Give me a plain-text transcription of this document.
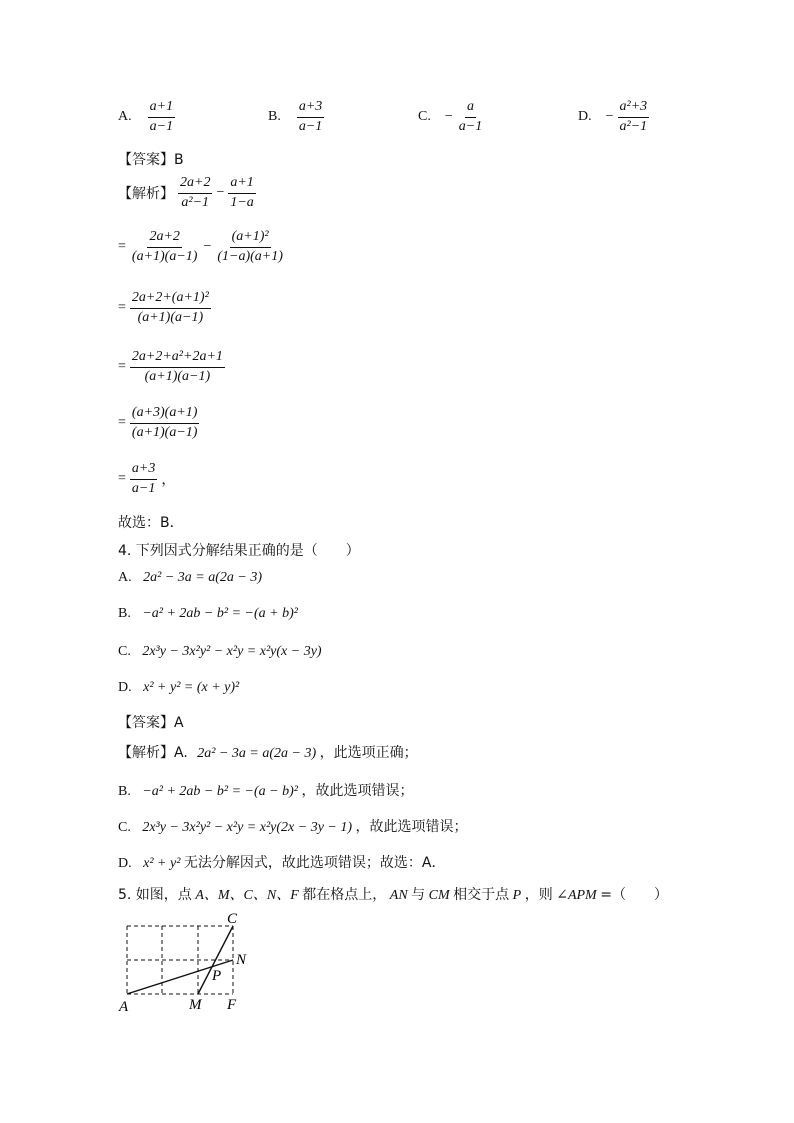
A. $\frac{a+1}{a-1}$	B. $\frac{a+3}{a-1}$	C. − $\frac{a}{a-1}$	D. − $\frac{\text{a²+3}}{\text{a²−1}}$
【答案】B
【解析】 $\frac{2a+2}{\text{a²−1}} - \frac{a+1}{1-a}$
= $\frac{2a+2}{(a+1)(a-1)} - \frac{\text{(a+1)²}}{(1-a)(a+1)}$
= $\frac{\text{2a+2+(a+1)²}}{(a+1)(a-1)}$
= $\frac{\text{2a+2+a²+2a+1}}{(a+1)(a-1)}$
= $\frac{(a+3)(a+1)}{(a+1)(a-1)}$
= $\frac{a+3}{a-1}$ ，
故选：B．
4. 下列因式分解结果正确的是（　　）
A. 2a² − 3a = a(2a − 3)
B. −a² + 2ab − b² = −(a + b)²
C. 2x³y − 3x²y² − x²y = x²y(x − 3y)
D. x² + y² = (x + y)²
【答案】A
【解析】A. 2a² − 3a = a(2a − 3) ，此选项正确；
B. −a² + 2ab − b² = −(a − b)² ，故此选项错误；
C. 2x³y − 3x²y² − x²y = x²y(2x − 3y − 1) ，故此选项错误；
D. x² + y² 无法分解因式，故此选项错误；故选：A．
5. 如图，点 A、M、C、N、F 都在格点上， AN 与 CM 相交于点 P ，则 ∠APM =（　　）
C
N
P
A	M F
